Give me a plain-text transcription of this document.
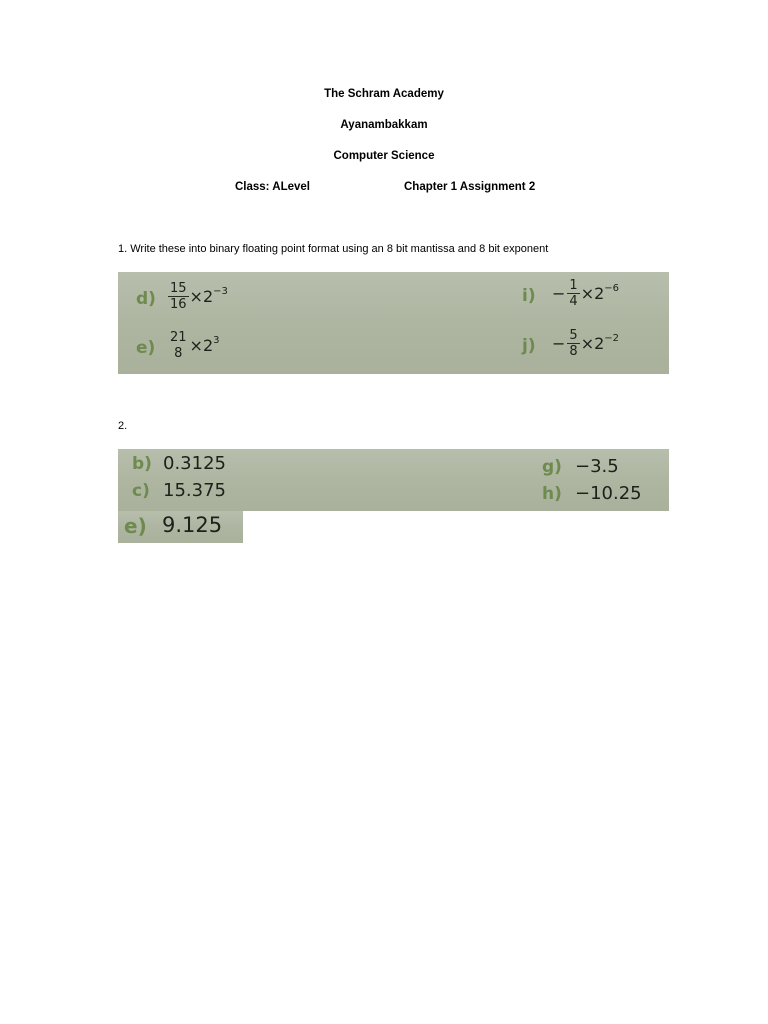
The Schram Academy
Ayanambakkam
Computer Science
Class: ALevel	Chapter 1 Assignment 2
1. Write these into binary floating point format using an 8 bit mantissa and 8 bit exponent
$d) \frac{15}{16} \times 2^{-3}$
e)
21
$8 \times 2^3$
$i) - \frac{1}{4} \times 2^{-6}$
$j) - \frac{5}{8} \times 2^{-2}$
2.
b) 0.3125
c) 15.375
g) −3.5
h) −10.25
e) 9.125
